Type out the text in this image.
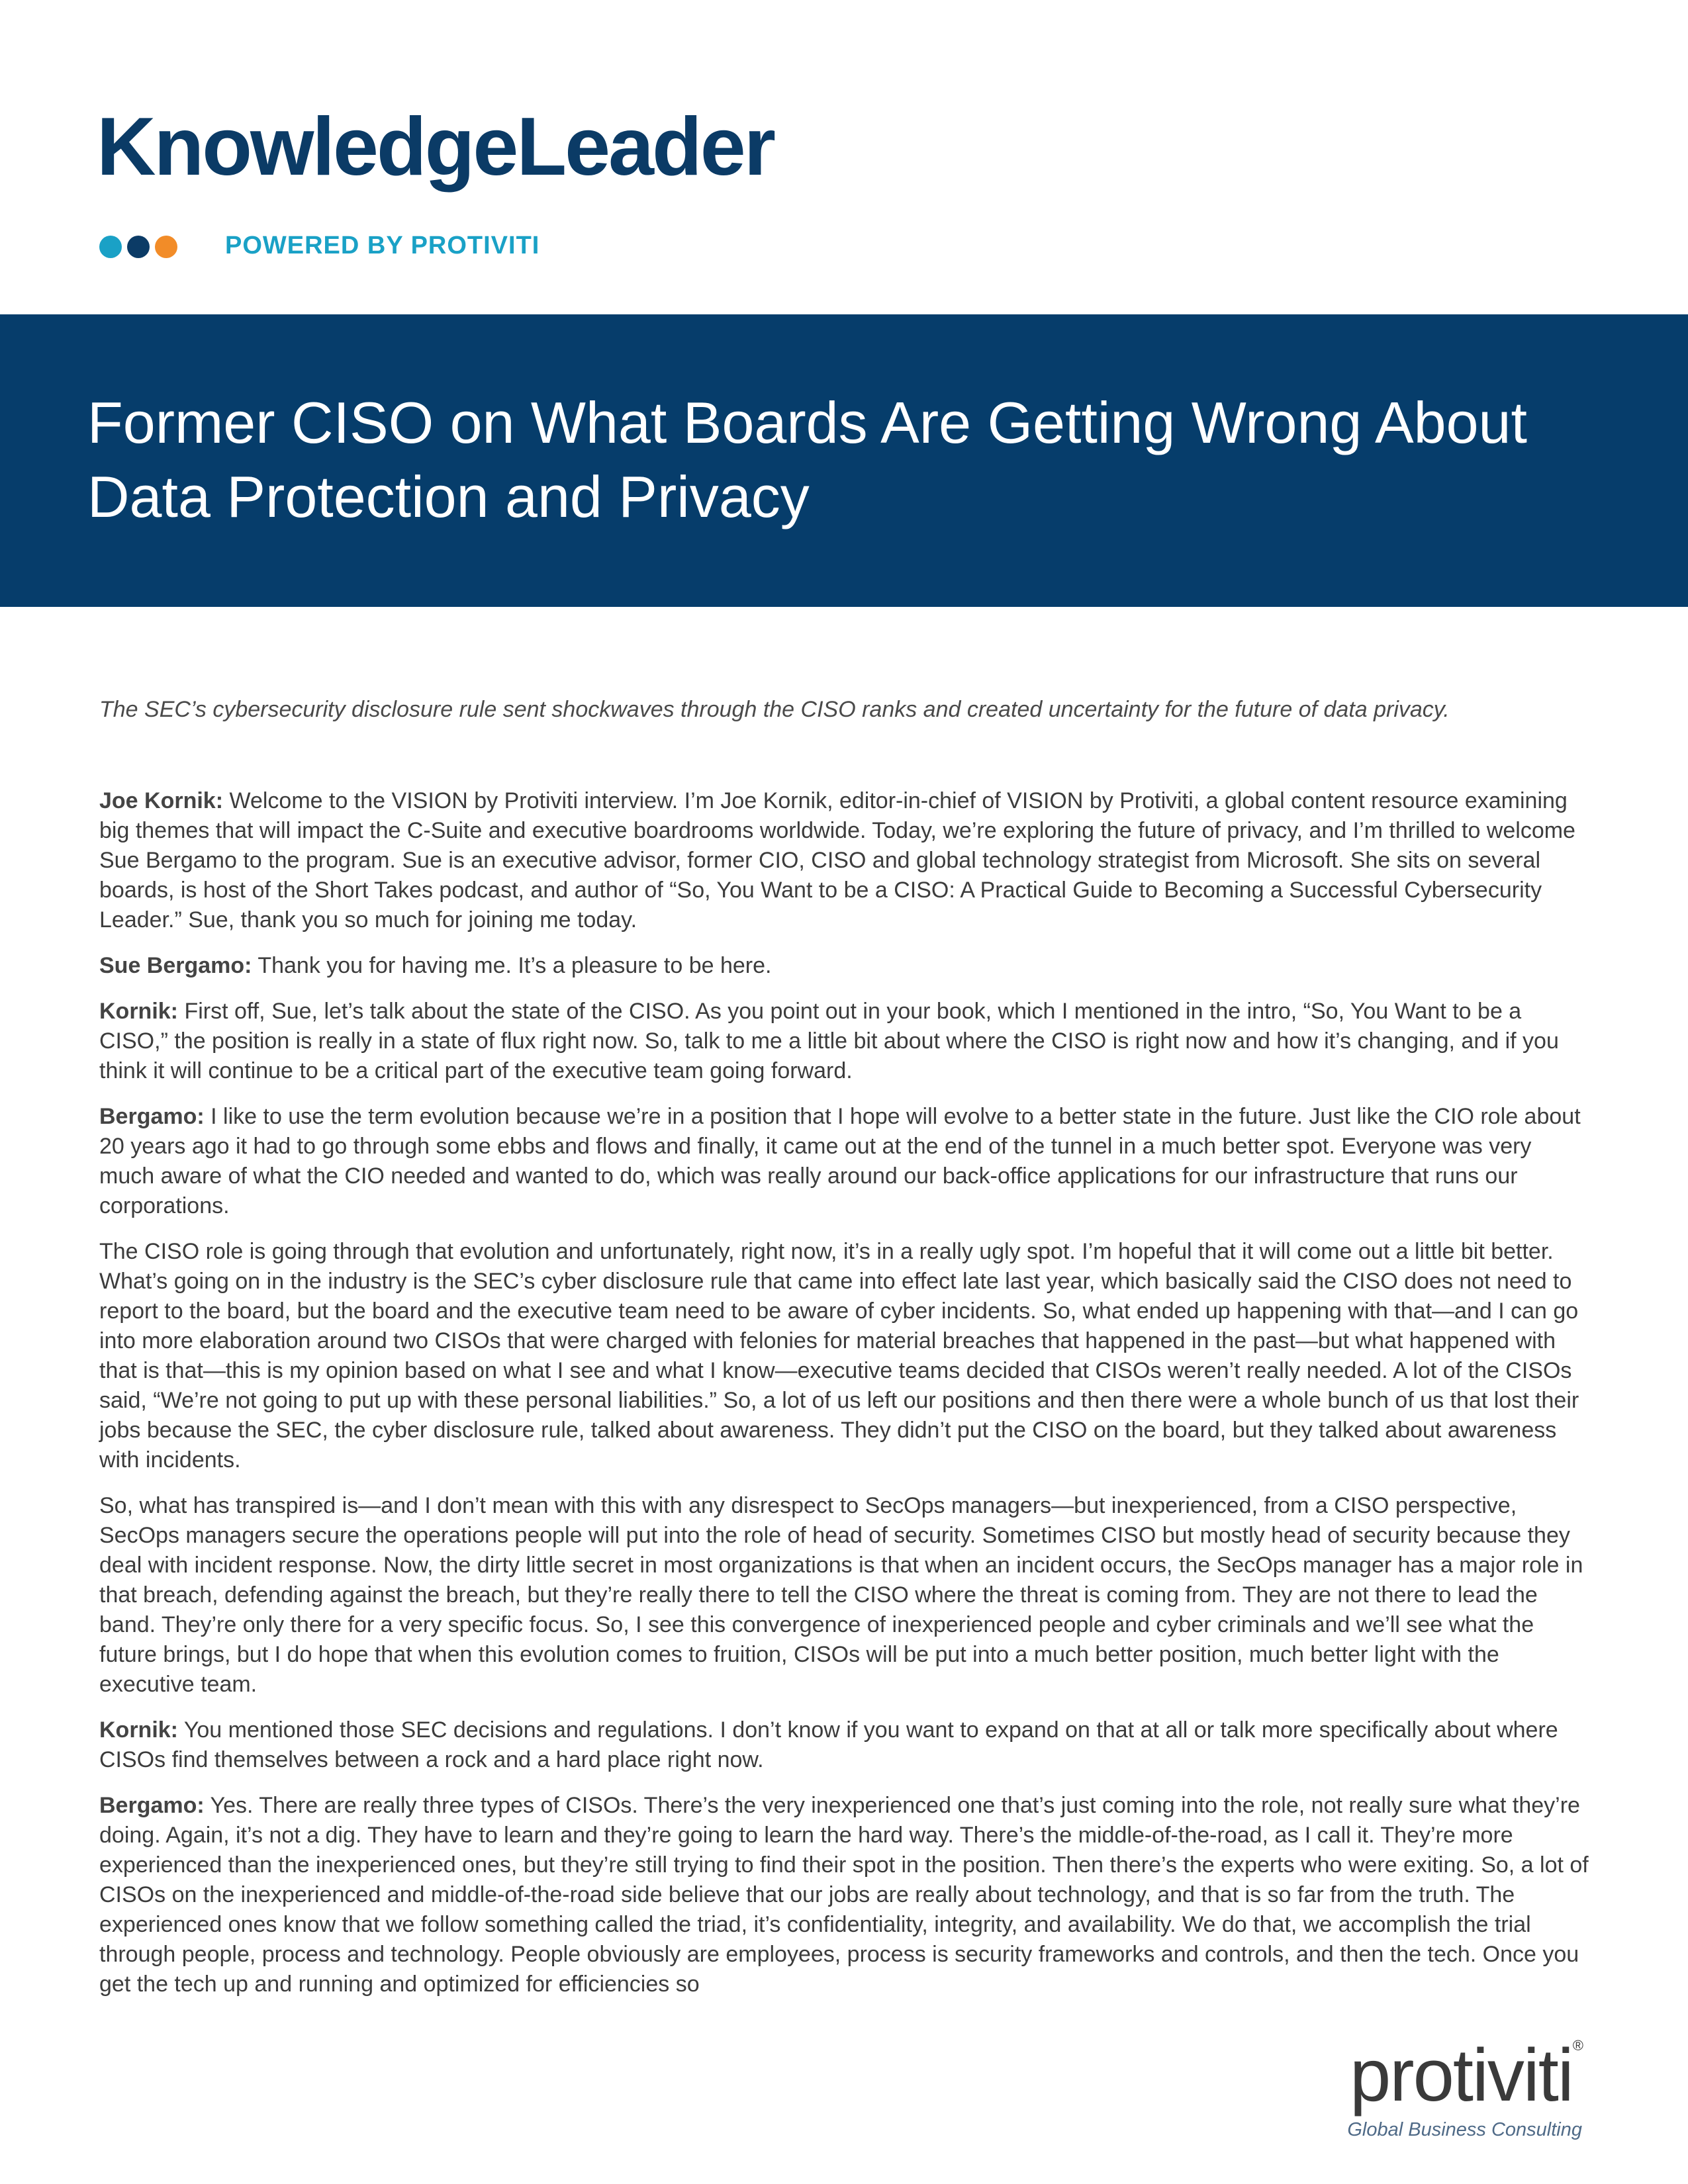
KnowledgeLeader
POWERED BY PROTIVITI
Former CISO on What Boards Are Getting Wrong About Data Protection and Privacy
The SEC’s cybersecurity disclosure rule sent shockwaves through the CISO ranks and created uncertainty for the future of data privacy.

Joe Kornik: Welcome to the VISION by Protiviti interview. I’m Joe Kornik, editor-in-chief of VISION by Protiviti, a global content resource examining big themes that will impact the C-Suite and executive boardrooms worldwide. Today, we’re exploring the future of privacy, and I’m thrilled to welcome Sue Bergamo to the program. Sue is an executive advisor, former CIO, CISO and global technology strategist from Microsoft. She sits on several boards, is host of the Short Takes podcast, and author of “So, You Want to be a CISO: A Practical Guide to Becoming a Successful Cybersecurity Leader.” Sue, thank you so much for joining me today.

Sue Bergamo: Thank you for having me. It’s a pleasure to be here.

Kornik: First off, Sue, let’s talk about the state of the CISO. As you point out in your book, which I mentioned in the intro, “So, You Want to be a CISO,” the position is really in a state of flux right now. So, talk to me a little bit about where the CISO is right now and how it’s changing, and if you think it will continue to be a critical part of the executive team going forward.

Bergamo: I like to use the term evolution because we’re in a position that I hope will evolve to a better state in the future. Just like the CIO role about 20 years ago it had to go through some ebbs and flows and finally, it came out at the end of the tunnel in a much better spot. Everyone was very much aware of what the CIO needed and wanted to do, which was really around our back-office applications for our infrastructure that runs our corporations.

The CISO role is going through that evolution and unfortunately, right now, it’s in a really ugly spot. I’m hopeful that it will come out a little bit better. What’s going on in the industry is the SEC’s cyber disclosure rule that came into effect late last year, which basically said the CISO does not need to report to the board, but the board and the executive team need to be aware of cyber incidents. So, what ended up happening with that—and I can go into more elaboration around two CISOs that were charged with felonies for material breaches that happened in the past—but what happened with that is that—this is my opinion based on what I see and what I know—executive teams decided that CISOs weren’t really needed. A lot of the CISOs said, “We’re not going to put up with these personal liabilities.” So, a lot of us left our positions and then there were a whole bunch of us that lost their jobs because the SEC, the cyber disclosure rule, talked about awareness. They didn’t put the CISO on the board, but they talked about awareness with incidents.

So, what has transpired is—and I don’t mean with this with any disrespect to SecOps managers—but inexperienced, from a CISO perspective, SecOps managers secure the operations people will put into the role of head of security. Sometimes CISO but mostly head of security because they deal with incident response. Now, the dirty little secret in most organizations is that when an incident occurs, the SecOps manager has a major role in that breach, defending against the breach, but they’re really there to tell the CISO where the threat is coming from. They are not there to lead the band. They’re only there for a very specific focus. So, I see this convergence of inexperienced people and cyber criminals and we’ll see what the future brings, but I do hope that when this evolution comes to fruition, CISOs will be put into a much better position, much better light with the executive team.

Kornik: You mentioned those SEC decisions and regulations. I don’t know if you want to expand on that at all or talk more specifically about where CISOs find themselves between a rock and a hard place right now.

Bergamo: Yes. There are really three types of CISOs. There’s the very inexperienced one that’s just coming into the role, not really sure what they’re doing. Again, it’s not a dig. They have to learn and they’re going to learn the hard way. There’s the middle-of-the-road, as I call it. They’re more experienced than the inexperienced ones, but they’re still trying to find their spot in the position. Then there’s the experts who were exiting. So, a lot of CISOs on the inexperienced and middle-of-the-road side believe that our jobs are really about technology, and that is so far from the truth. The experienced ones know that we follow something called the triad, it’s confidentiality, integrity, and availability. We do that, we accomplish the trial through people, process and technology. People obviously are employees, process is security frameworks and controls, and then the tech. Once you get the tech up and running and optimized for efficiencies so

protiviti®
Global Business Consulting
